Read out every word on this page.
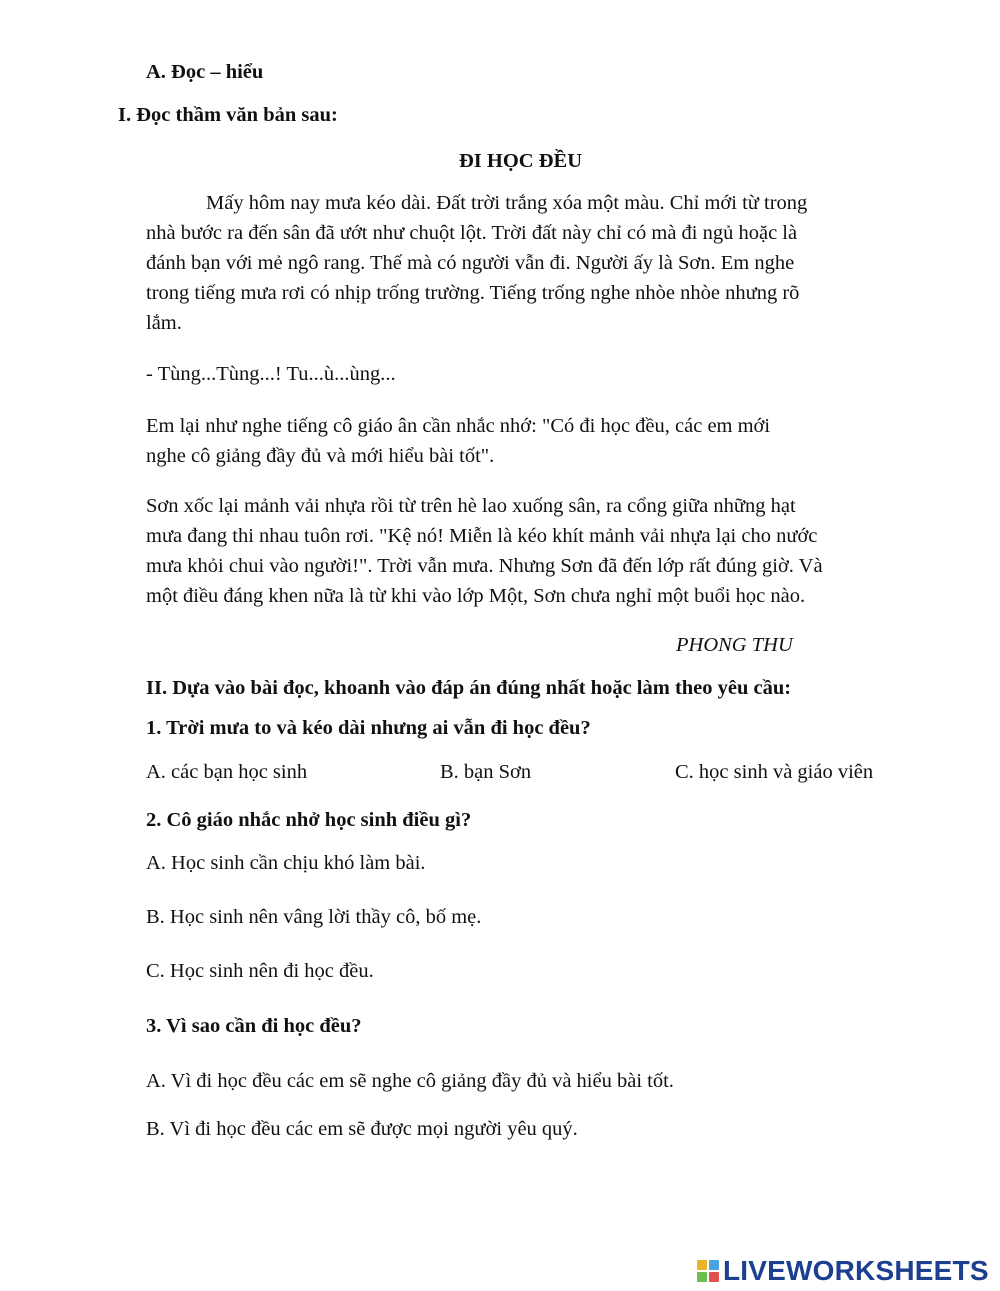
A. Đọc – hiểu
I. Đọc thầm văn bản sau:
ĐI HỌC ĐỀU
Mấy hôm nay mưa kéo dài. Đất trời trắng xóa một màu. Chỉ mới từ trong
nhà bước ra đến sân đã ướt như chuột lột. Trời đất này chỉ có mà đi ngủ hoặc là
đánh bạn với mẻ ngô rang. Thế mà có người vẫn đi. Người ấy là Sơn. Em nghe
trong tiếng mưa rơi có nhịp trống trường. Tiếng trống nghe nhòe nhòe nhưng rõ
lắm.
- Tùng...Tùng...! Tu...ù...ùng...
Em lại như nghe tiếng cô giáo ân cần nhắc nhớ: "Có đi học đều, các em mới
nghe cô giảng đầy đủ và mới hiểu bài tốt".
Sơn xốc lại mảnh vải nhựa rồi từ trên hè lao xuống sân, ra cổng giữa những hạt
mưa đang thi nhau tuôn rơi. "Kệ nó! Miễn là kéo khít mảnh vải nhựa lại cho nước
mưa khỏi chui vào người!". Trời vẫn mưa. Nhưng Sơn đã đến lớp rất đúng giờ. Và
một điều đáng khen nữa là từ khi vào lớp Một, Sơn chưa nghỉ một buổi học nào.
PHONG THU
II. Dựa vào bài đọc, khoanh vào đáp án đúng nhất hoặc làm theo yêu cầu:
1. Trời mưa to và kéo dài nhưng ai vẫn đi học đều?
A. các bạn học sinh	B. bạn Sơn	C. học sinh và giáo viên
2. Cô giáo nhắc nhở học sinh điều gì?
A. Học sinh cần chịu khó làm bài.
B. Học sinh nên vâng lời thầy cô, bố mẹ.
C. Học sinh nên đi học đều.
3. Vì sao cần đi học đều?
A. Vì đi học đều các em sẽ nghe cô giảng đầy đủ và hiểu bài tốt.
B. Vì đi học đều các em sẽ được mọi người yêu quý.
LIVEWORKSHEETS
